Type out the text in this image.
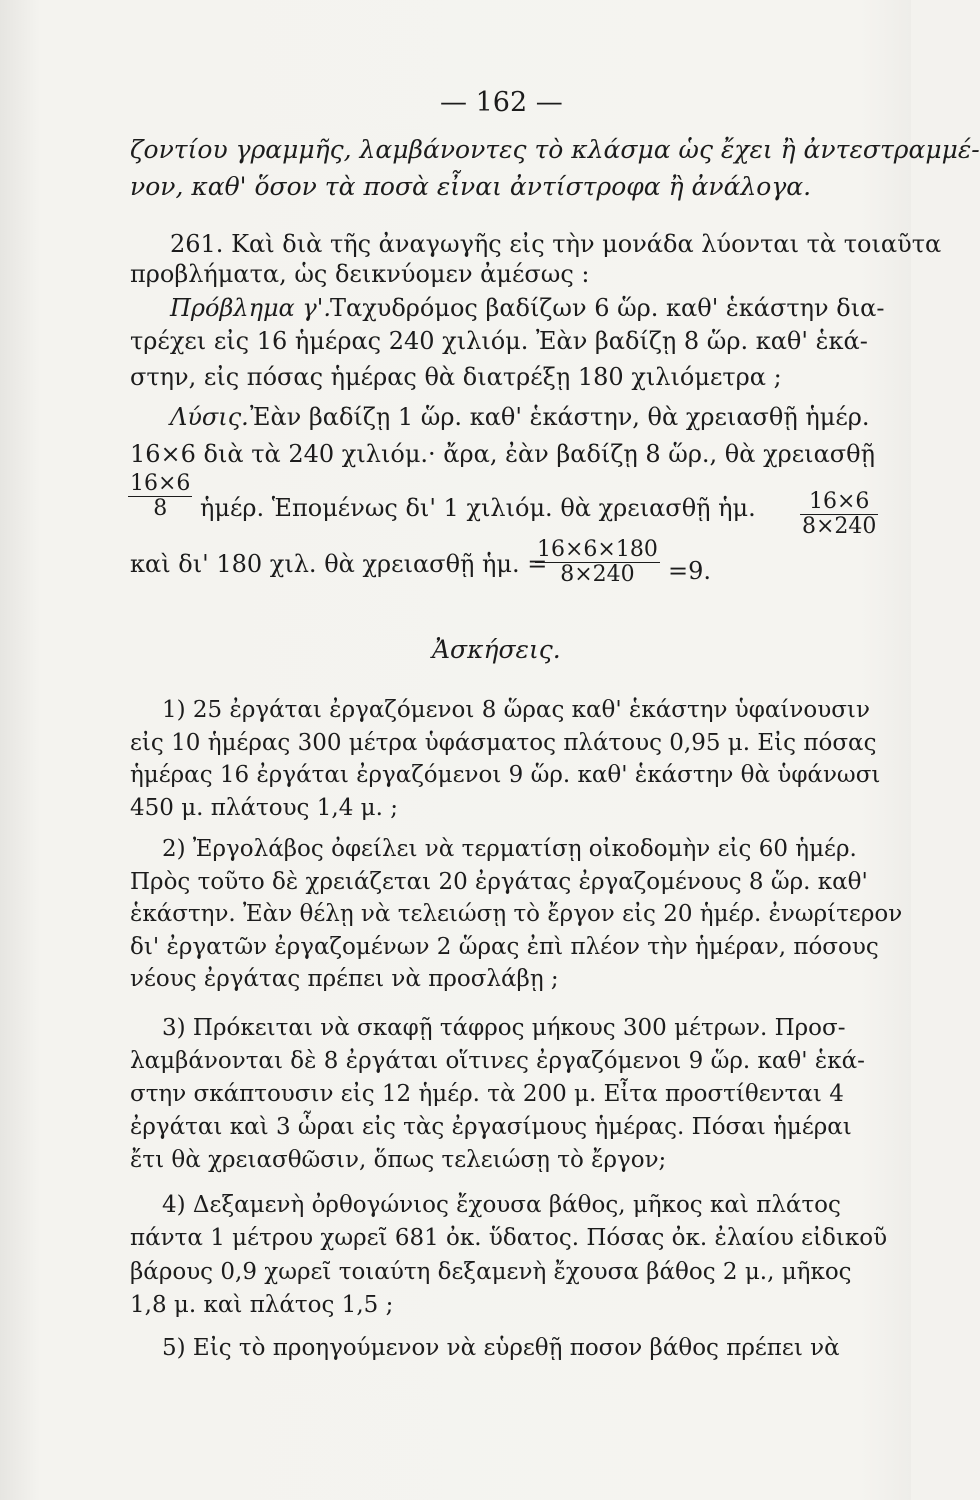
— 162 —
ζοντίου γραμμῆς, λαμβάνοντες τὸ κλάσμα ὡς ἔχει ἢ ἀντεστραμμέ-
νον, καθ' ὅσον τὰ ποσὰ εἶναι ἀντίστροφα ἢ ἀνάλογα.
261. Καὶ διὰ τῆς ἀναγωγῆς εἰς τὴν μονάδα λύονται τὰ τοιαῦτα
προβλήματα, ὡς δεικνύομεν ἀμέσως :
Πρόβλημα γ'. Ταχυδρόμος βαδίζων 6 ὥρ. καθ' ἑκάστην δια-
τρέχει εἰς 16 ἡμέρας 240 χιλιόμ. Ἐὰν βαδίζῃ 8 ὥρ. καθ' ἑκά-
στην, εἰς πόσας ἡμέρας θὰ διατρέξῃ 180 χιλιόμετρα ;
Λύσις. Ἐὰν βαδίζῃ 1 ὥρ. καθ' ἑκάστην, θὰ χρειασθῇ ἡμέρ.
16×6 διὰ τὰ 240 χιλιόμ.· ἄρα, ἐὰν βαδίζῃ 8 ὥρ., θὰ χρειασθῇ
$\frac{16\times 6}{8}$ ἡμέρ. Ἑπομένως δι' 1 χιλιόμ. θὰ χρειασθῇ ἡμ. $\frac{16\times 6}{8\times 240}$
καὶ δι' 180 χιλ. θὰ χρειασθῇ ἡμ. =
$\frac{16\times 6\times 180}{8\times 240} =9$.
Ἀσκήσεις.
1) 25 ἐργάται ἐργαζόμενοι 8 ὥρας καθ' ἑκάστην ὑφαίνουσιν
εἰς 10 ἡμέρας 300 μέτρα ὑφάσματος πλάτους 0,95 μ. Εἰς πόσας
ἡμέρας 16 ἐργάται ἐργαζόμενοι 9 ὥρ. καθ' ἑκάστην θὰ ὑφάνωσι
450 μ. πλάτους 1,4 μ. ;
2) Ἐργολάβος ὀφείλει νὰ τερματίσῃ οἰκοδομὴν εἰς 60 ἡμέρ.
Πρὸς τοῦτο δὲ χρειάζεται 20 ἐργάτας ἐργαζομένους 8 ὥρ. καθ'
ἑκάστην. Ἐὰν θέλῃ νὰ τελειώσῃ τὸ ἔργον εἰς 20 ἡμέρ. ἐνωρίτερον
δι' ἐργατῶν ἐργαζομένων 2 ὥρας ἐπὶ πλέον τὴν ἡμέραν, πόσους
νέους ἐργάτας πρέπει νὰ προσλάβῃ ;
3) Πρόκειται νὰ σκαφῇ τάφρος μήκους 300 μέτρων. Προσ-
λαμβάνονται δὲ 8 ἐργάται οἵτινες ἐργαζόμενοι 9 ὥρ. καθ' ἑκά-
στην σκάπτουσιν εἰς 12 ἡμέρ. τὰ 200 μ. Εἶτα προστίθενται 4
ἐργάται καὶ 3 ὧραι εἰς τὰς ἐργασίμους ἡμέρας. Πόσαι ἡμέραι
ἔτι θὰ χρειασθῶσιν, ὅπως τελειώσῃ τὸ ἔργον;
4) Δεξαμενὴ ὀρθογώνιος ἔχουσα βάθος, μῆκος καὶ πλάτος
πάντα 1 μέτρου χωρεῖ 681 ὀκ. ὕδατος. Πόσας ὀκ. ἐλαίου εἰδικοῦ
βάρους 0,9 χωρεῖ τοιαύτη δεξαμενὴ ἔχουσα βάθος 2 μ., μῆκος
1,8 μ. καὶ πλάτος 1,5 ;
5) Εἰς τὸ προηγούμενον νὰ εὑρεθῇ ποσον βάθος πρέπει νὰ
